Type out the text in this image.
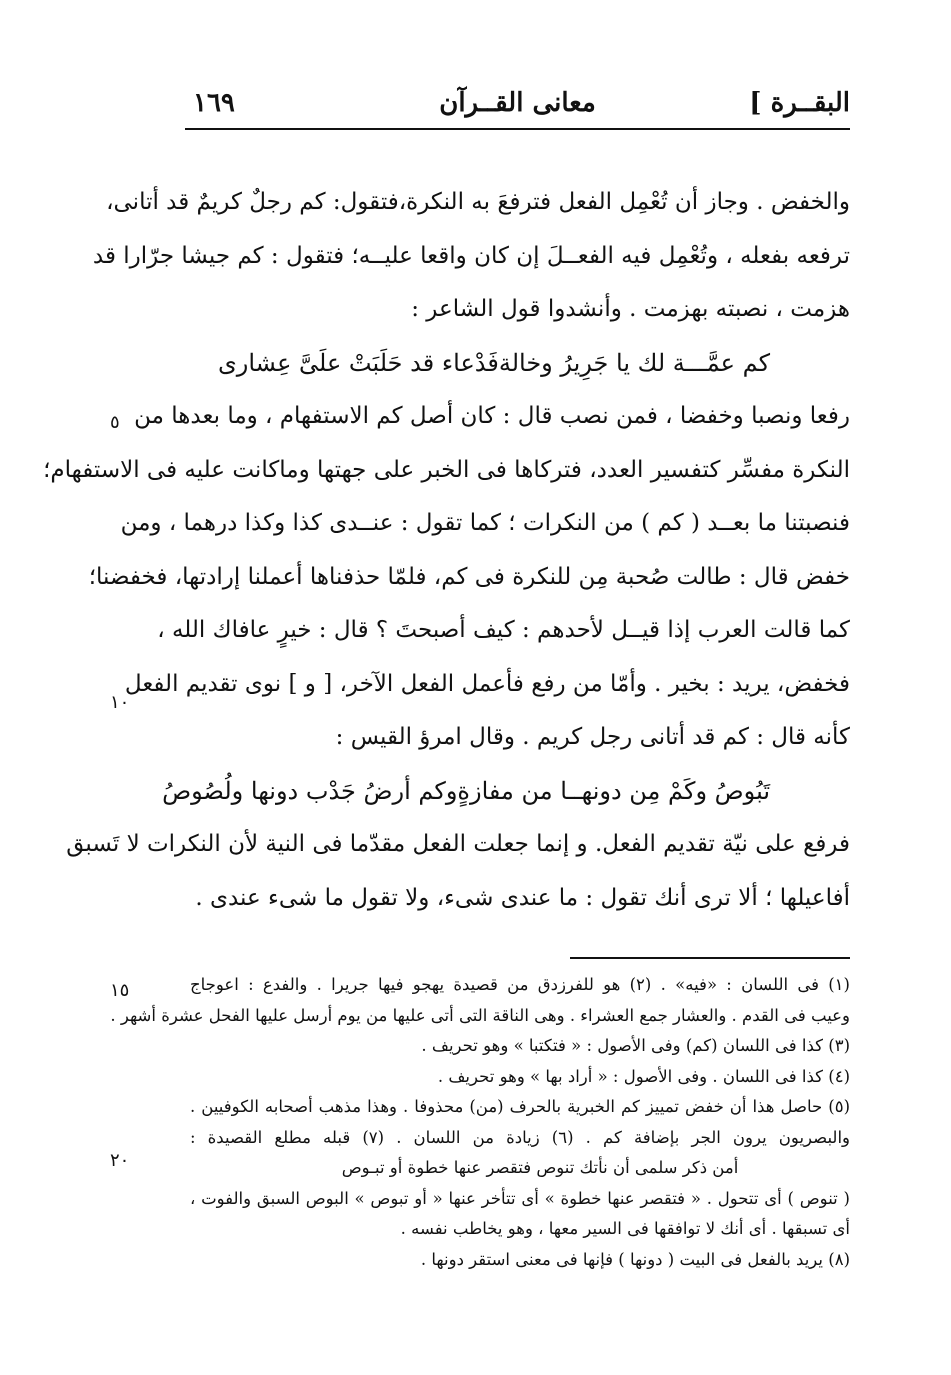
البقــرة ]
معانى القــرآن
١٦٩
والخفض . وجاز أن تُعْمِل الفعل فترفعَ به النكرة،فتقول: كم رجلٌ كريمٌ قد أتانى،
ترفعه بفعله ، وتُعْمِل فيه الفعــلَ إن كان واقعا عليــه؛ فتقول : كم جيشا جرّارا قد
هزمت ، نصبته بهزمت . وأنشدوا قول الشاعر :
كم عمَّـــة لك يا جَرِيرُ وخالة
فَدْعاء قد حَلَبَتْ علَىَّ عِشارى
رفعا ونصبا وخفضا ، فمن نصب قال : كان أصل كم الاستفهام ، وما بعدها من
النكرة مفسِّر كتفسير العدد، فتركاها فى الخبر على جهتها وماكانت عليه فى الاستفهام؛
فنصبتنا ما بعــد ( كم ) من النكرات ؛ كما تقول : عنــدى كذا وكذا درهما ، ومن
خفض قال : طالت صُحبة مِن للنكرة فى كم، فلمّا حذفناها أعملنا إرادتها، فخفضنا؛
كما قالت العرب إذا قيــل لأحدهم : كيف أصبحتَ ؟ قال : خيرٍ عافاك الله ،
فخفض، يريد : بخير . وأمّا من رفع فأعمل الفعل الآخر، [ و ] نوى تقديم الفعل
كأنه قال : كم قد أتانى رجل كريم . وقال امرؤ القيس :
تَبُوصُ وكَمْ مِن دونهــا من مفازةٍ
وكم أرضُ جَدْب دونها ولُصُوصُ
فرفع على نيّة تقديم الفعل. و إنما جعلت الفعل مقدّما فى النية لأن النكرات لا تَسبق
أفاعيلها ؛ ألا ترى أنك تقول : ما عندى شىء، ولا تقول ما شىء عندى .
٥
١٠
١٥
٢٠
(١) فى اللسان : «فيه» . (٢) هو للفرزدق من قصيدة يهجو فيها جريرا . والفدع : اعوجاج
وعيب فى القدم . والعشار جمع العشراء . وهى الناقة التى أتى عليها من يوم أرسل عليها الفحل عشرة أشهر .
(٣) كذا فى اللسان (كم) وفى الأصول : « فتكتبا » وهو تحريف .
(٤) كذا فى اللسان . وفى الأصول : « أراد بها » وهو تحريف .
(٥) حاصل هذا أن خفض تمييز كم الخبرية بالحرف (من) محذوفا . وهذا مذهب أصحابه الكوفيين .
والبصريون يرون الجر بإضافة كم . (٦) زيادة من اللسان . (٧) قبله مطلع القصيدة :
أمن ذكر سلمى أن نأتك تنوص فتقصر عنها خطوة أو تبـوص
( تنوص ) أى تتحول . « فتقصر عنها خطوة » أى تتأخر عنها « أو تبوص » البوص السبق والفوت ،
أى تسبقها . أى أنك لا توافقها فى السير معها ، وهو يخاطب نفسه .
(٨) يريد بالفعل فى البيت ( دونها ) فإنها فى معنى استقر دونها .
